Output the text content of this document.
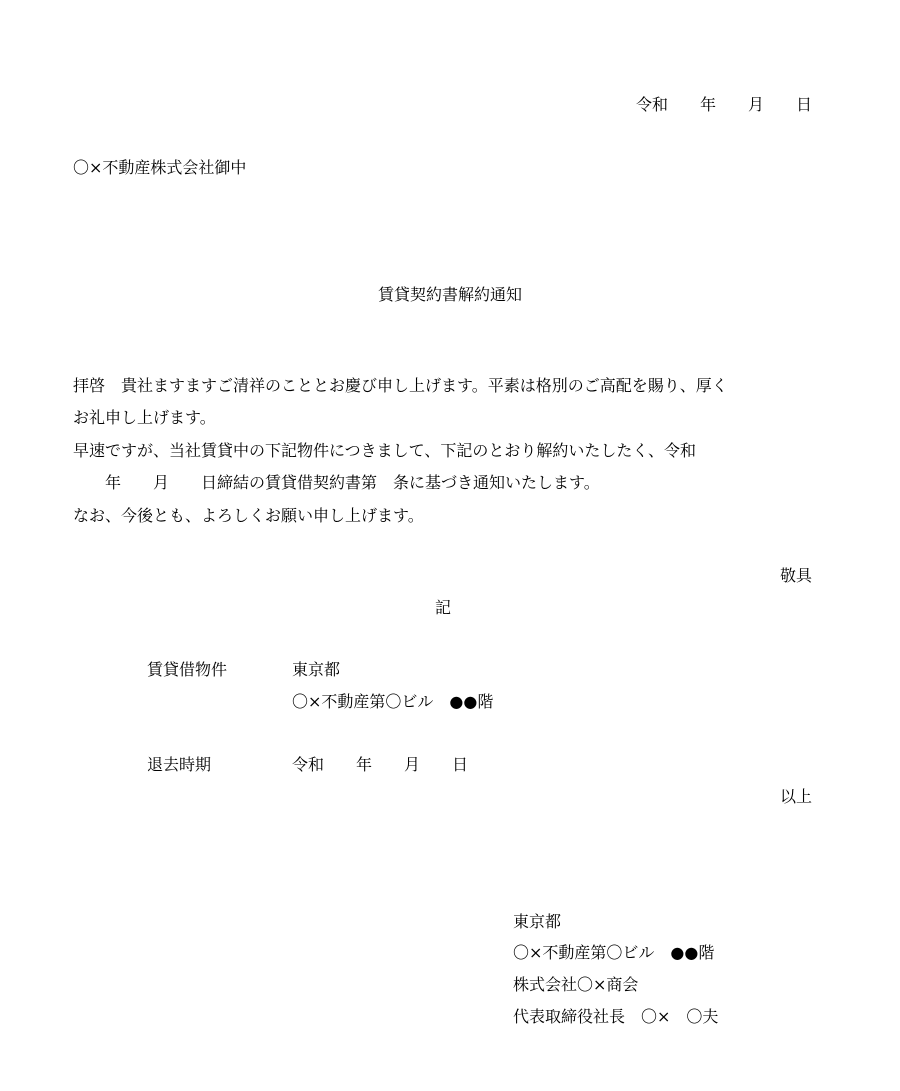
令和　　年　　月　　日
〇×不動産株式会社御中
賃貸契約書解約通知
拝啓　貴社ますますご清祥のこととお慶び申し上げます。平素は格別のご高配を賜り、厚く
お礼申し上げます。
早速ですが、当社賃貸中の下記物件につきまして、下記のとおり解約いたしたく、令和
　　年　　月　　日締結の賃貸借契約書第　条に基づき通知いたします。
なお、今後とも、よろしくお願い申し上げます。
敬具
記
賃貸借物件	東京都
〇×不動産第〇ビル　●●階
退去時期	令和　　年　　月　　日
以上
東京都
〇×不動産第〇ビル　●●階
株式会社〇×商会
代表取締役社長　〇×　〇夫
